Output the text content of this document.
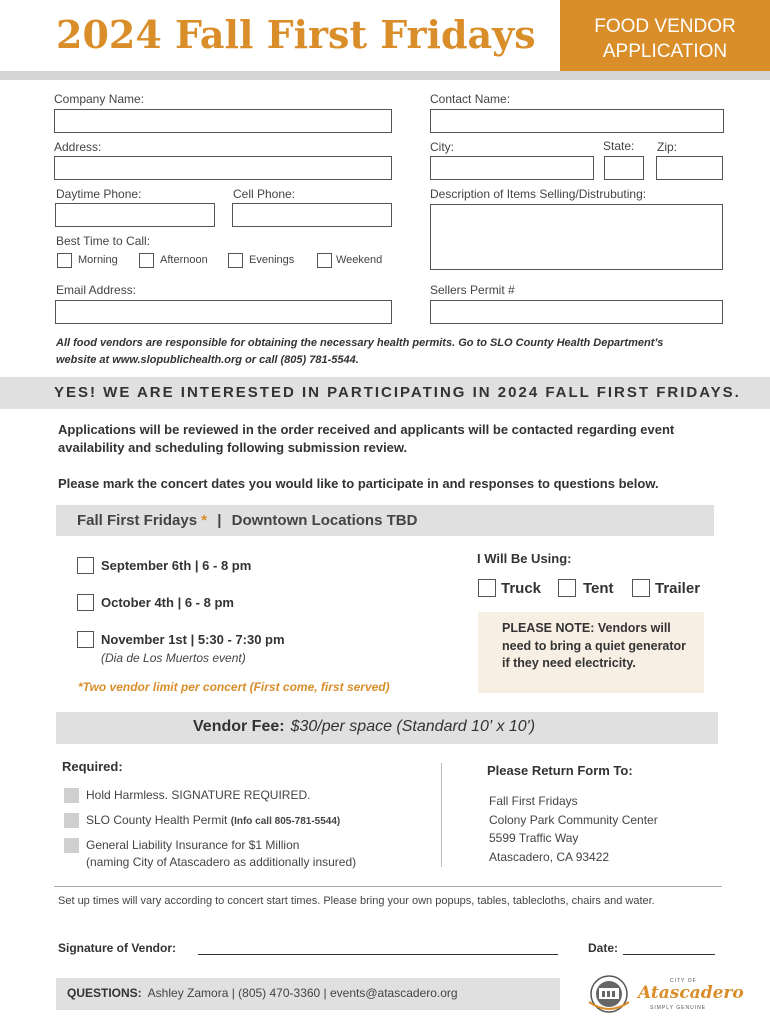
2024 Fall First Fridays	FOOD VENDOR
APPLICATION
Company Name:	Contact Name:
Address:	City:	State: Zip:
Daytime Phone:	Cell Phone:	Description of Items Selling/Distrubuting:
Best Time to Call:
Morning	Afternoon	Evenings	Weekend
Email Address:	Sellers Permit #
All food vendors are responsible for obtaining the necessary health permits. Go to SLO County Health Department’s
website at www.slopublichealth.org or call (805) 781-5544.
YES! WE ARE INTERESTED IN PARTICIPATING IN 2024 FALL FIRST FRIDAYS.
Applications will be reviewed in the order received and applicants will be contacted regarding event
availability and scheduling following submission review.
Please mark the concert dates you would like to participate in and responses to questions below.
Fall First Fridays * | Downtown Locations TBD
September 6th | 6 - 8 pm
October 4th | 6 - 8 pm
November 1st | 5:30 - 7:30 pm
(Dia de Los Muertos event)
*Two vendor limit per concert (First come, first served)
I Will Be Using:
Truck	Tent	Trailer
PLEASE NOTE: Vendors will need to bring a quiet generator if they need electricity.
Vendor Fee: $30/per space (Standard 10' x 10')
Required:
Hold Harmless. SIGNATURE REQUIRED.
SLO County Health Permit (Info call 805-781-5544)
General Liability Insurance for $1 Million
(naming City of Atascadero as additionally insured)
Please Return Form To:
Fall First Fridays
Colony Park Community Center
5599 Traffic Way
Atascadero, CA 93422
Set up times will vary according to concert start times. Please bring your own popups, tables, tablecloths, chairs and water.
Signature of Vendor:	Date:
QUESTIONS: Ashley Zamora | (805) 470-3360 | events@atascadero.org
CITY OF
Atascadero
SIMPLY GENUINE
